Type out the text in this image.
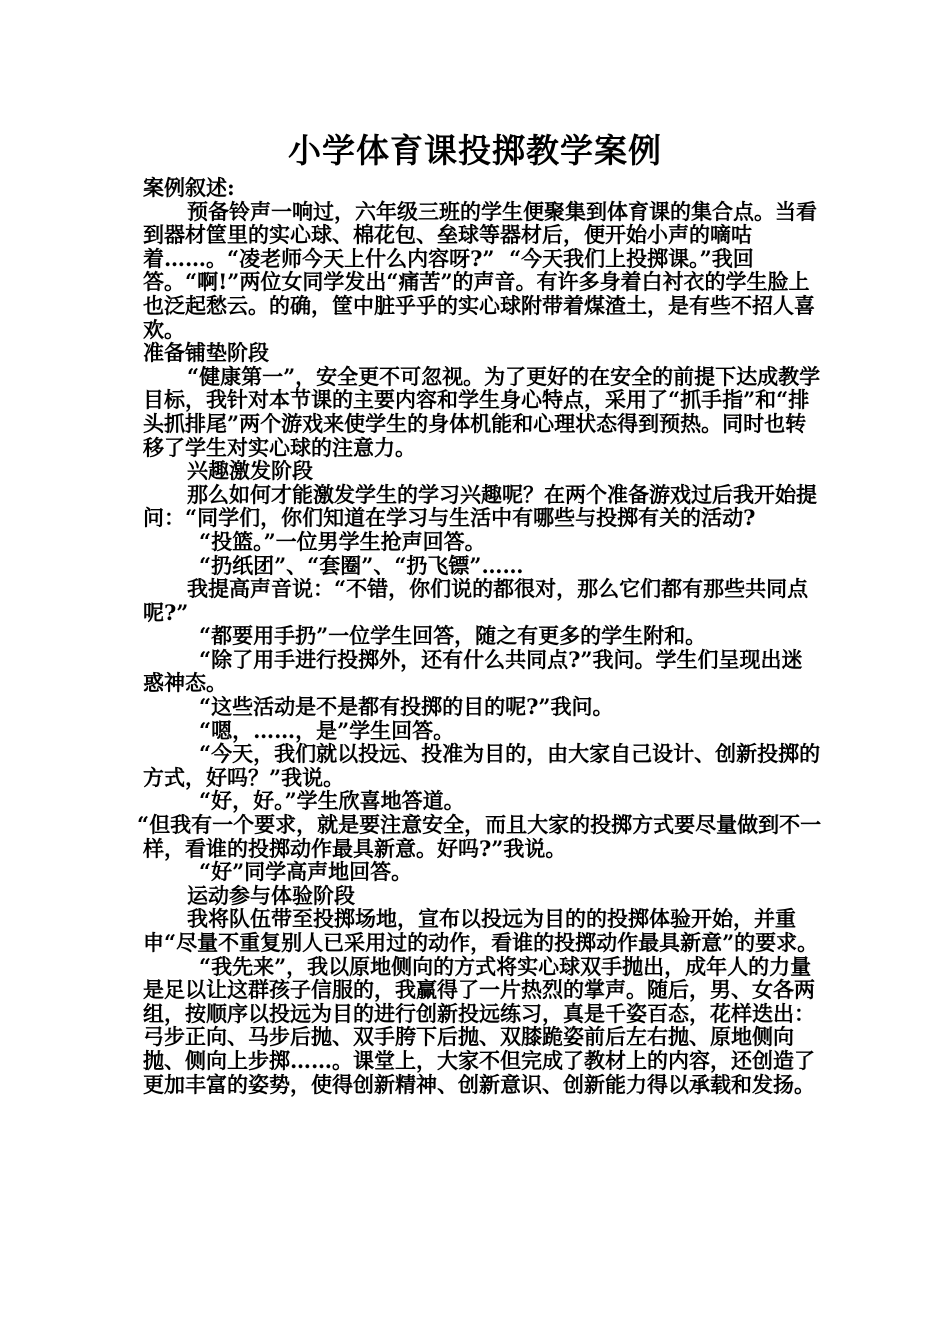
小学体育课投掷教学案例

案例叙述:

预备铃声一响过，六年级三班的学生便聚集到体育课的集合点。当看到器材筐里的实心球、棉花包、垒球等器材后，便开始小声的嘀咕着……。“凌老师今天上什么内容呀?”  “今天我们上投掷课。”我回答。“啊!”两位女同学发出“痛苦”的声音。有许多身着白衬衣的学生脸上也泛起愁云。的确，筐中脏乎乎的实心球附带着煤渣土，是有些不招人喜欢。

准备铺垫阶段

“健康第一”，安全更不可忽视。为了更好的在安全的前提下达成教学目标，我针对本节课的主要内容和学生身心特点，采用了“抓手指”和“排头抓排尾”两个游戏来使学生的身体机能和心理状态得到预热。同时也转移了学生对实心球的注意力。

兴趣激发阶段

那么如何才能激发学生的学习兴趣呢？在两个准备游戏过后我开始提问：“同学们，你们知道在学习与生活中有哪些与投掷有关的活动?

“投篮。”一位男学生抢声回答。

“扔纸团”、“套圈”、“扔飞镖”……

我提高声音说：“不错，你们说的都很对，那么它们都有那些共同点呢?”

“都要用手扔”一位学生回答，随之有更多的学生附和。

“除了用手进行投掷外，还有什么共同点?”我问。学生们呈现出迷惑神态。

“这些活动是不是都有投掷的目的呢?”我问。

“嗯，……，是”学生回答。

“今天，我们就以投远、投准为目的，由大家自己设计、创新投掷的方式，好吗？”我说。

“好，好。”学生欣喜地答道。

“但我有一个要求，就是要注意安全，而且大家的投掷方式要尽量做到不一样，看谁的投掷动作最具新意。好吗?”我说。

“好”同学高声地回答。

运动参与体验阶段

我将队伍带至投掷场地，宣布以投远为目的的投掷体验开始，并重申“尽量不重复别人已采用过的动作，看谁的投掷动作最具新意”的要求。

“我先来”，我以原地侧向的方式将实心球双手抛出，成年人的力量是足以让这群孩子信服的，我赢得了一片热烈的掌声。随后，男、女各两组，按顺序以投远为目的进行创新投远练习，真是千姿百态，花样迭出：弓步正向、马步后抛、双手胯下后抛、双膝跪姿前后左右抛、原地侧向抛、侧向上步掷……。课堂上，大家不但完成了教材上的内容，还创造了更加丰富的姿势，使得创新精神、创新意识、创新能力得以承载和发扬。
